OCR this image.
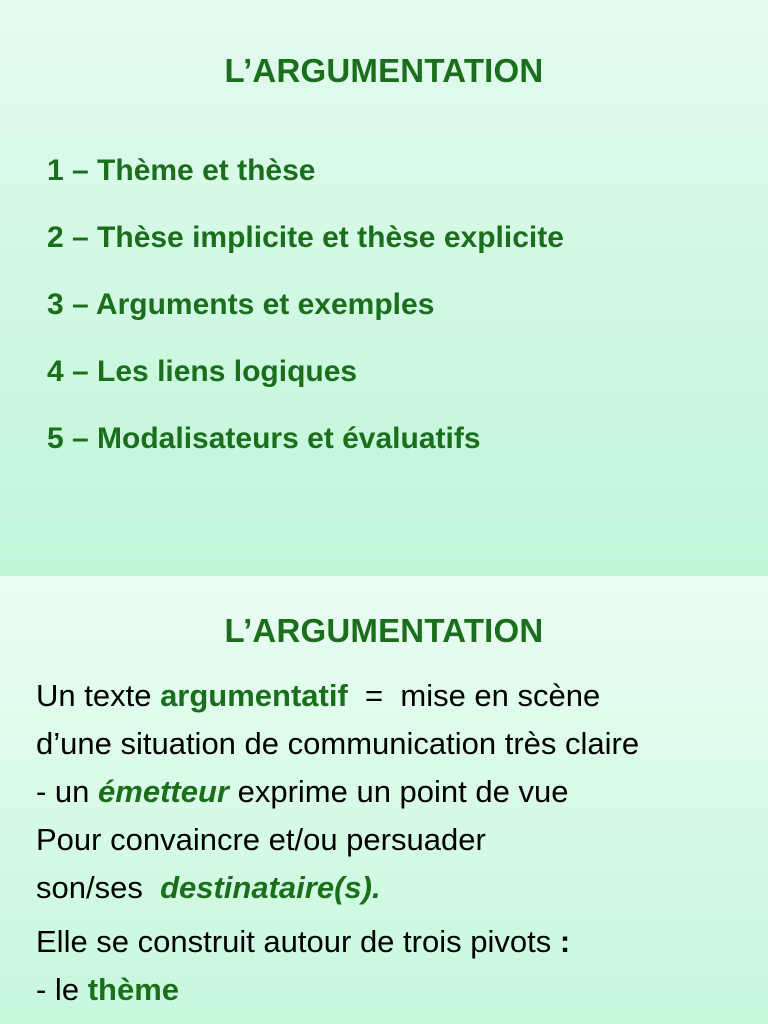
L’ARGUMENTATION
1 – Thème et thèse
2 – Thèse implicite et thèse explicite
3 – Arguments et exemples
4 – Les liens logiques
5 – Modalisateurs et évaluatifs
L’ARGUMENTATION
Un texte argumentatif  =  mise en scène
d’une situation de communication très claire
- un émetteur exprime un point de vue
Pour convaincre et/ou persuader
son/ses  destinataire(s).
Elle se construit autour de trois pivots :
- le thème
